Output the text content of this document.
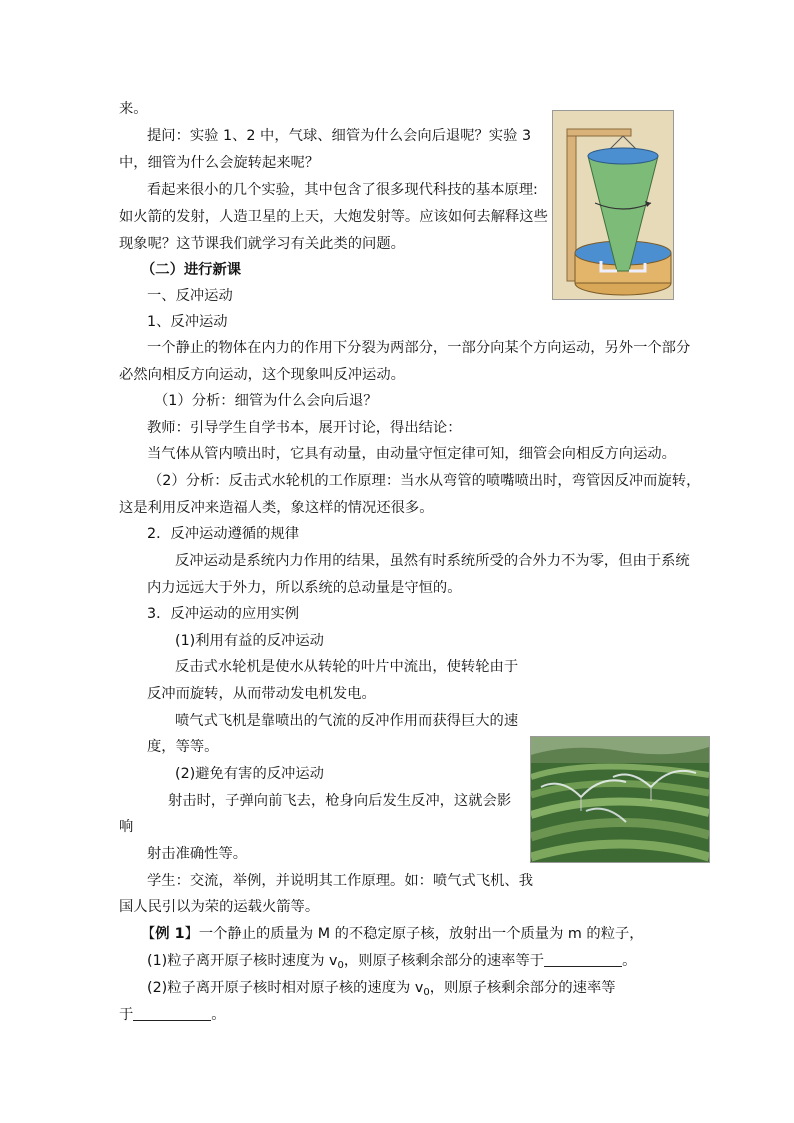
来。
提问：实验 1、2 中，气球、细管为什么会向后退呢？实验 3
中，细管为什么会旋转起来呢？
看起来很小的几个实验，其中包含了很多现代科技的基本原理:
如火箭的发射，人造卫星的上天，大炮发射等。应该如何去解释这些
现象呢？这节课我们就学习有关此类的问题。
（二）进行新课
一、反冲运动
1、反冲运动
一个静止的物体在内力的作用下分裂为两部分，一部分向某个方向运动，另外一个部分
必然向相反方向运动，这个现象叫反冲运动。
（1）分析：细管为什么会向后退？
教师：引导学生自学书本，展开讨论，得出结论：
当气体从管内喷出时，它具有动量，由动量守恒定律可知，细管会向相反方向运动。
（2）分析：反击式水轮机的工作原理：当水从弯管的喷嘴喷出时，弯管因反冲而旋转，
这是利用反冲来造福人类，象这样的情况还很多。
2．反冲运动遵循的规律
反冲运动是系统内力作用的结果，虽然有时系统所受的合外力不为零，但由于系统
内力远远大于外力，所以系统的总动量是守恒的。
3．反冲运动的应用实例
(1)利用有益的反冲运动
反击式水轮机是使水从转轮的叶片中流出，使转轮由于
反冲而旋转，从而带动发电机发电。
喷气式飞机是靠喷出的气流的反冲作用而获得巨大的速
度，等等。
(2)避免有害的反冲运动
射击时，子弹向前飞去，枪身向后发生反冲，这就会影
响
射击准确性等。
学生：交流，举例，并说明其工作原理。如：喷气式飞机、我
国人民引以为荣的运载火箭等。
【例 1】一个静止的质量为 M 的不稳定原子核，放射出一个质量为 m 的粒子，
(1)粒子离开原子核时速度为 $v_0$，则原子核剩余部分的速率等于	。
(2)粒子离开原子核时相对原子核的速度为 $v_0$，则原子核剩余部分的速率等
于	。
